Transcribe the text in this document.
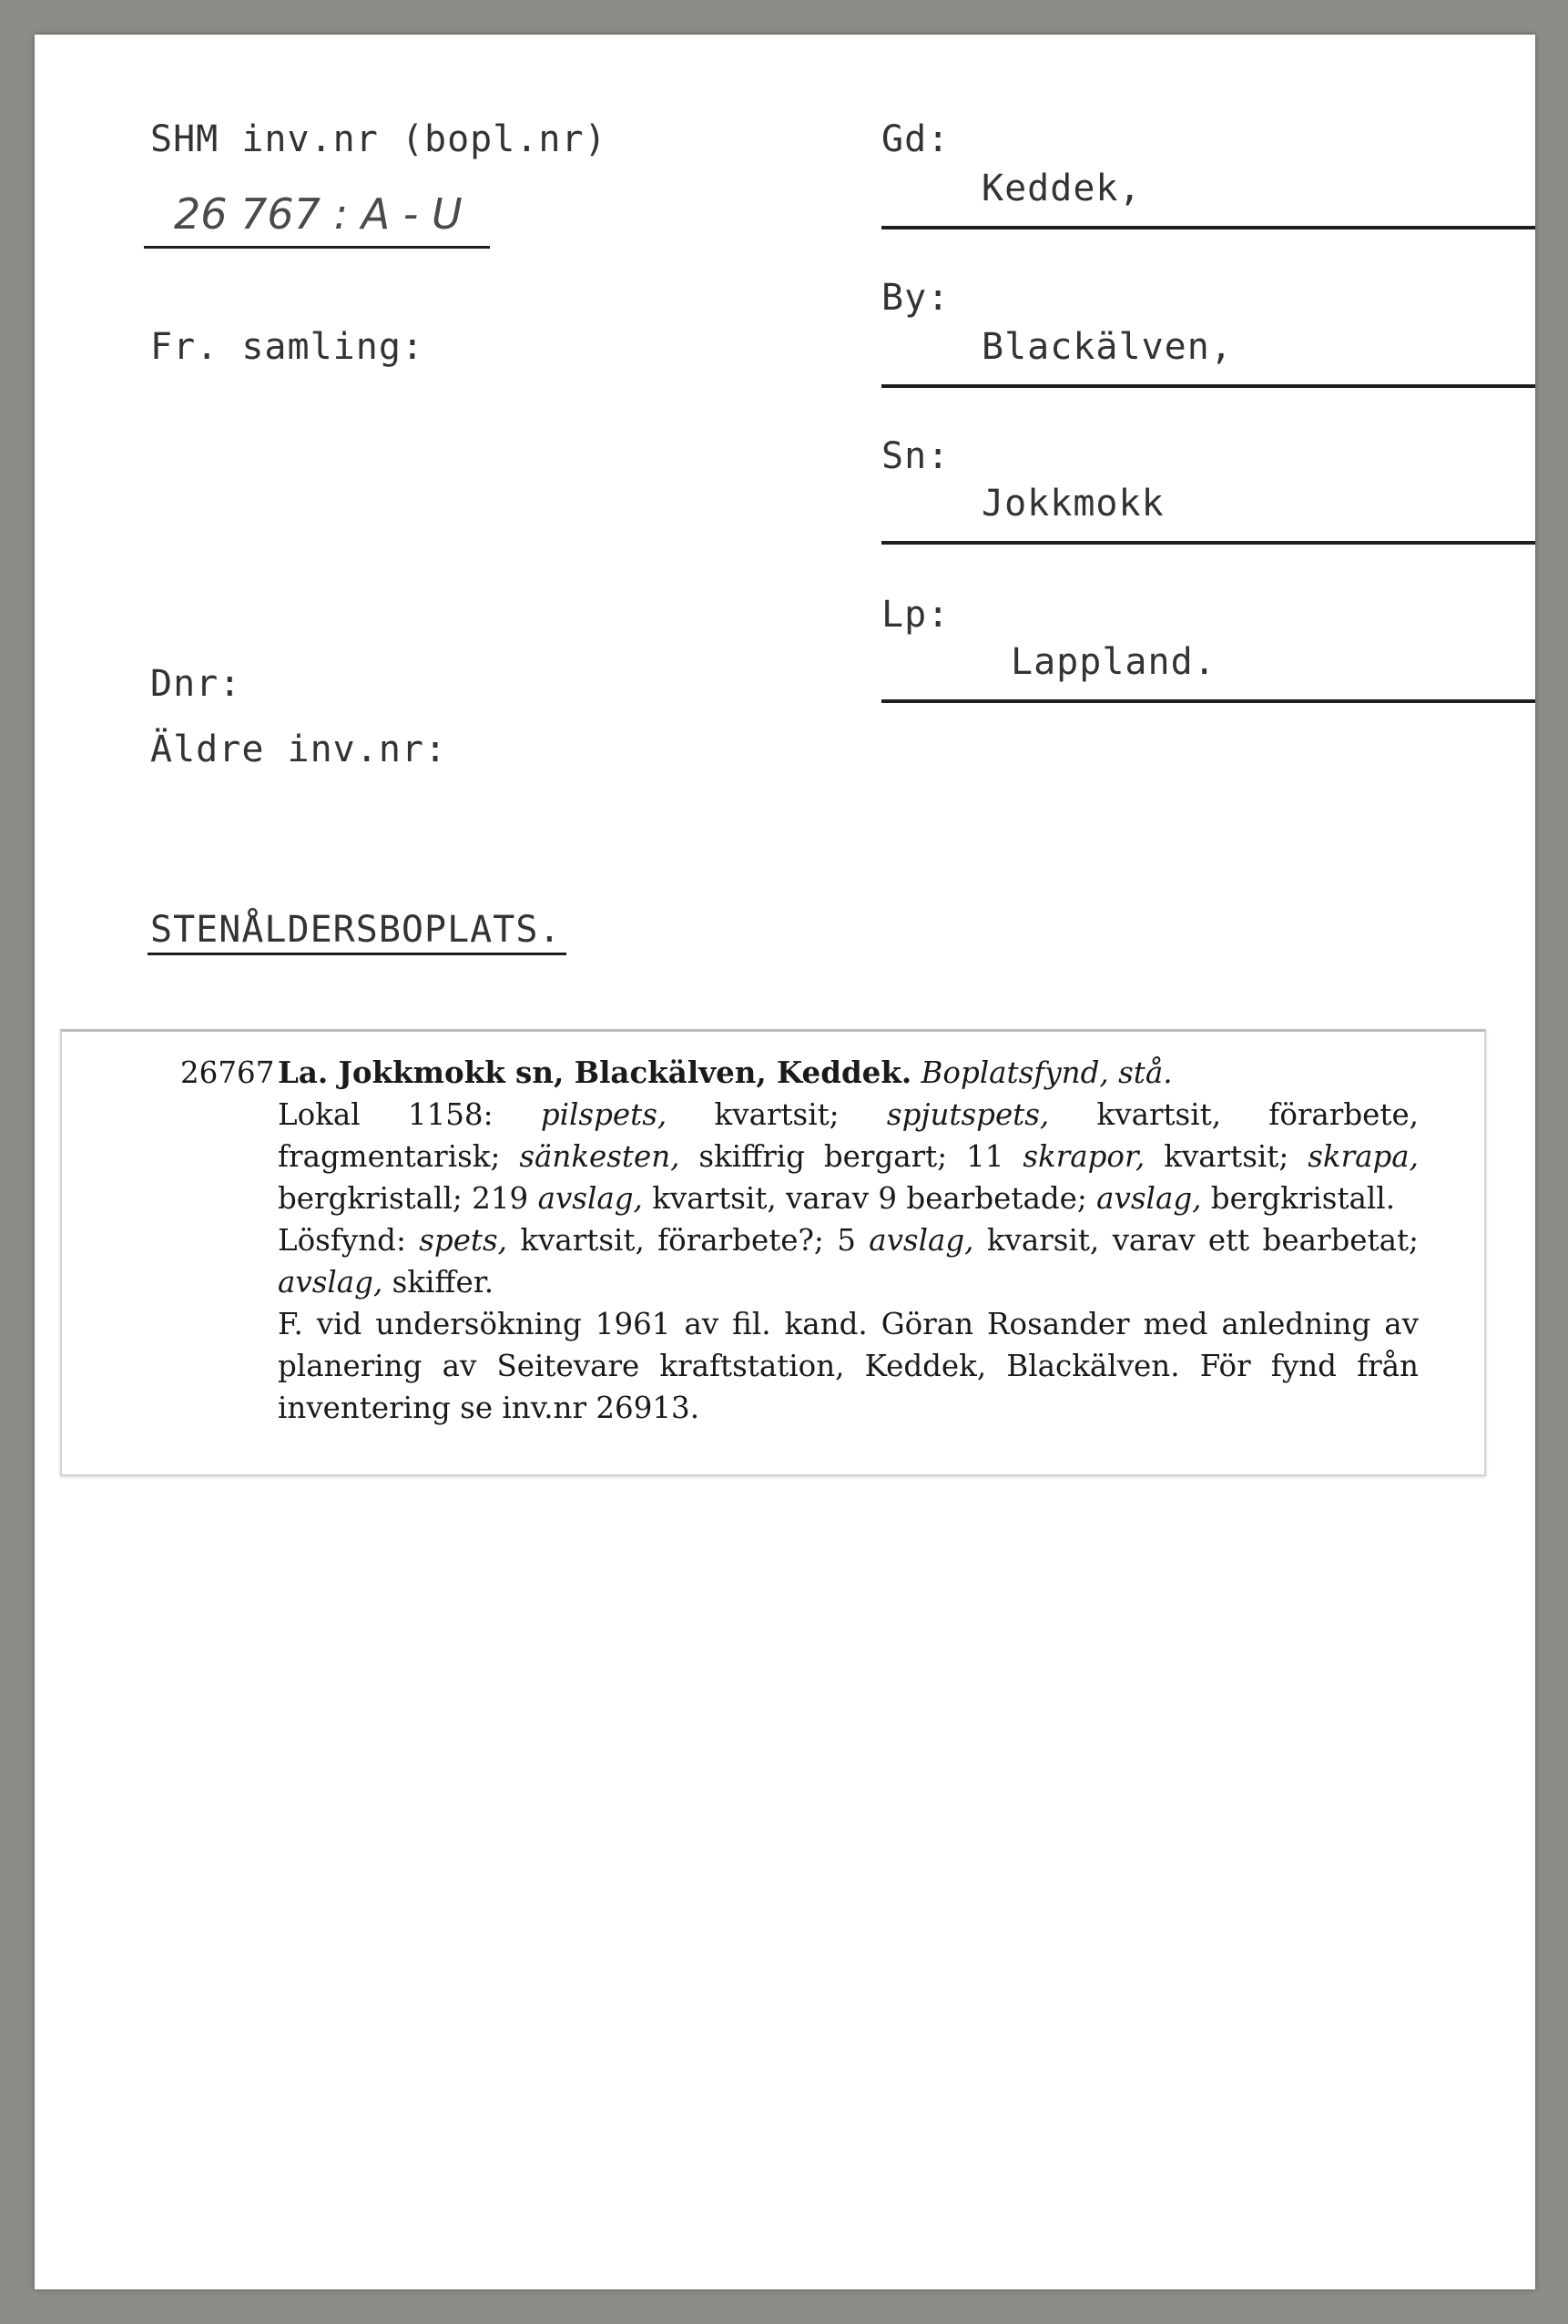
SHM inv.nr (bopl.nr)
26 767 : A - U
Fr. samling:
Dnr:
Äldre inv.nr:
STENÅLDERSBOPLATS.
Gd:
Keddek,
By:
Blackälven,
Sn:
Jokkmokk
Lp:
Lappland.

26767 La. Jokkmokk sn, Blackälven, Keddek. Boplatsfynd, stå.

Lokal 1158: pilspets, kvartsit; spjutspets, kvartsit, förarbete, fragmentarisk; sänkesten, skiffrig bergart; 11 skrapor, kvartsit; skrapa, bergkristall; 219 avslag, kvartsit, varav 9 bearbetade; avslag, bergkristall.

Lösfynd: spets, kvartsit, förarbete?; 5 avslag, kvarsit, varav ett bearbetat; avslag, skiffer.

F. vid undersökning 1961 av fil. kand. Göran Rosander med anledning av planering av Seitevare kraftstation, Keddek, Blackälven. För fynd från inventering se inv.nr 26913.
